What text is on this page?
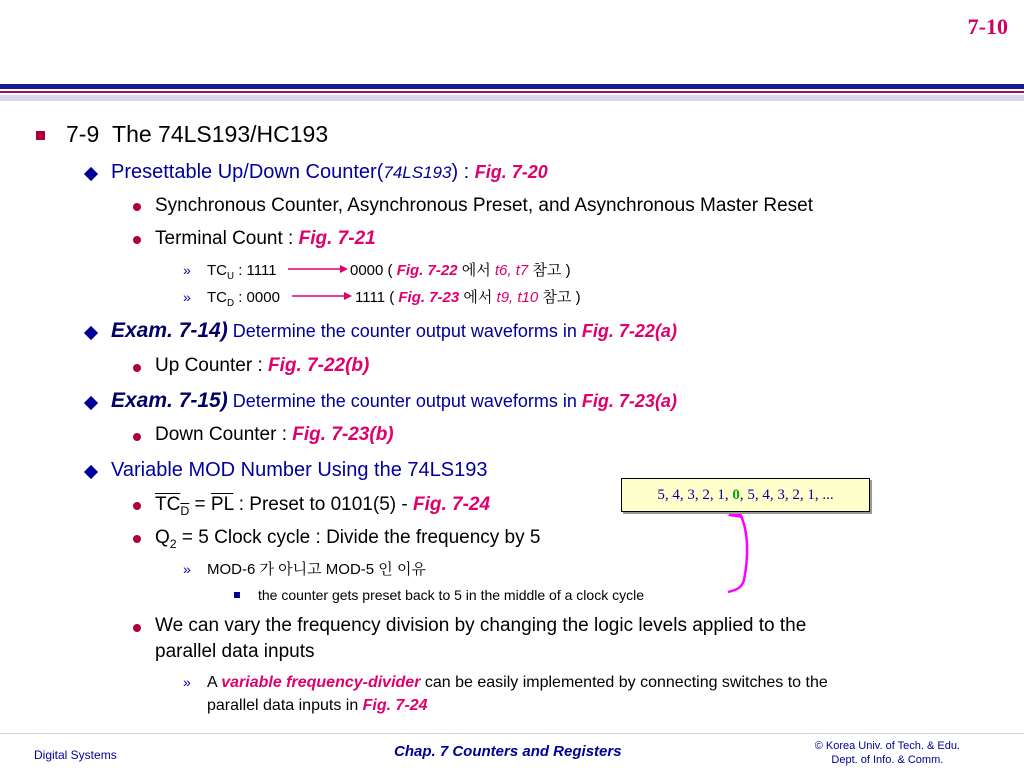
7-10
7-9 The 74LS193/HC193
Presettable Up/Down Counter(74LS193) : Fig. 7-20
Synchronous Counter, Asynchronous Preset, and Asynchronous Master Reset
Terminal Count : Fig. 7-21
» $TC_U$ : 1111	0000 ( Fig. 7-22 에서 t6, t7 참고 )
» $TC_D$ : 0000	1111 ( Fig. 7-23 에서 t9, t10 참고 )
Exam. 7-14) Determine the counter output waveforms in Fig. 7-22(a)
Up Counter : Fig. 7-22(b)
Exam. 7-15) Determine the counter output waveforms in Fig. 7-23(a)
Down Counter : Fig. 7-23(b)
Variable MOD Number Using the 74LS193
$TC_D = \overline{PL}$ : Preset to 0101(5) - Fig. 7-24
$Q_2 = 5$ Clock cycle : Divide the frequency by 5
» MOD-6 가 아니고 MOD-5 인 이유
the counter gets preset back to 5 in the middle of a clock cycle
We can vary the frequency division by changing the logic levels applied to the
parallel data inputs
» A variable frequency-divider can be easily implemented by connecting switches to the
parallel data inputs in Fig. 7-24
5, 4, 3, 2, 1, 0, 5, 4, 3, 2, 1, ...
Digital Systems	Chap. 7 Counters and Registers	© Korea Univ. of Tech. & Edu.
Dept. of Info. & Comm.
